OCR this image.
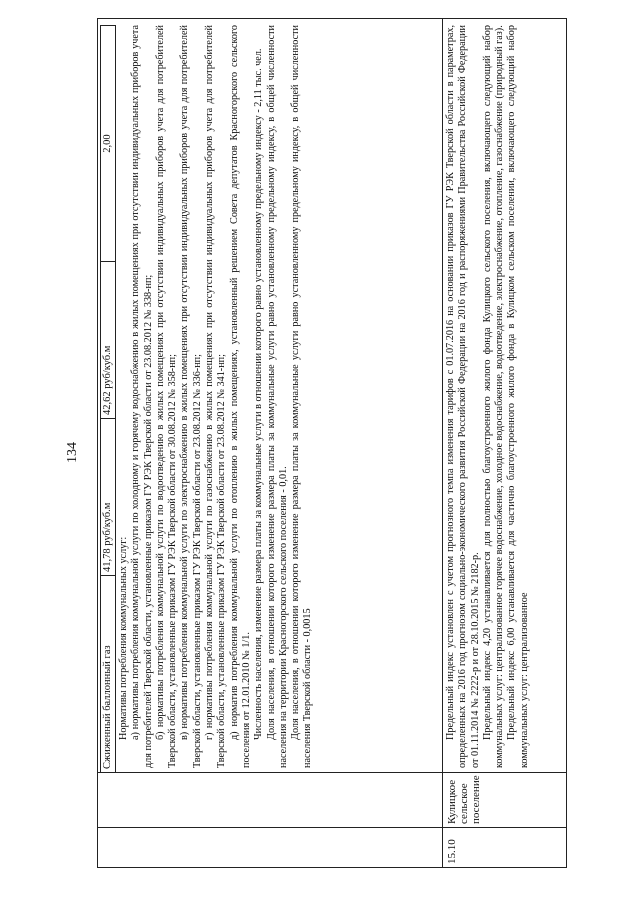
134
Сжиженный баллонный газ
41,78 руб/куб.м
42,62 руб/куб.м
2,00

Нормативы потребления коммунальных услуг: а) нормативы потребления коммунальной услуги по холодному и горячему водоснабжению в жилых помещениях при отсутствии индивидуальных приборов учета для потребителей Тверской области, установленные приказом ГУ РЭК Тверской области от 23.08.2012 № 338-нп; б) нормативы потребления коммунальной услуги по водоотведению в жилых помещениях при отсутствии индивидуальных приборов учета для потребителей Тверской области, установленные приказом ГУ РЭК Тверской области от 30.08.2012 № 358-нп; в) нормативы потребления коммунальной услуги по электроснабжению в жилых помещениях при отсутствии индивидуальных приборов учета для потребителей Тверской области, установленные приказом ГУ РЭК Тверской области от 23.08.2012 № 336-нп; г) нормативы потребления коммунальной услуги по газоснабжению в жилых помещениях при отсутствии индивидуальных приборов учета для потребителей Тверской области, установленные приказом ГУ РЭК Тверской области от 23.08.2012 № 341-нп; д) норматив потребления коммунальной услуги по отоплению в жилых помещениях, установленный решением Совета депутатов Красногорского сельского поселения от 12.01.2010 № 1/1. Численность населения, изменение размера платы за коммунальные услуги в отношении которого равно установленному предельному индексу - 2,11 тыс. чел. Доля населения, в отношении которого изменение размера платы за коммунальные услуги равно установленному предельному индексу, в общей численности населения на территории Красногорского сельского поселения - 0,01. Доля населения, в отношении которого изменение размера платы за коммунальные услуги равно установленному предельному индексу, в общей численности населения Тверской области - 0,0015

15.10
Кулицкое сельское поселение

Предельный индекс установлен с учетом прогнозного темпа изменения тарифов с 01.07.2016 на основании приказов ГУ РЭК Тверской области в параметрах, определенных на 2016 год прогнозом социально-экономического развития Российской Федерации на 2016 год и распоряжениями Правительства Российской Федерации от 01.11.2014 № 2222-р и от 28.10.2015 № 2182-р. Предельный индекс 4,20 устанавливается для полностью благоустроенного жилого фонда Кулицкого сельского поселения, включающего следующий набор коммунальных услуг: централизованное горячее водоснабжение, холодное водоснабжение, водоотведение, электроснабжение, отопление, газоснабжение (природный газ). Предельный индекс 6,00 устанавливается для частично благоустроенного жилого фонда в Кулицком сельском поселении, включающего следующий набор коммунальных услуг: централизованное
